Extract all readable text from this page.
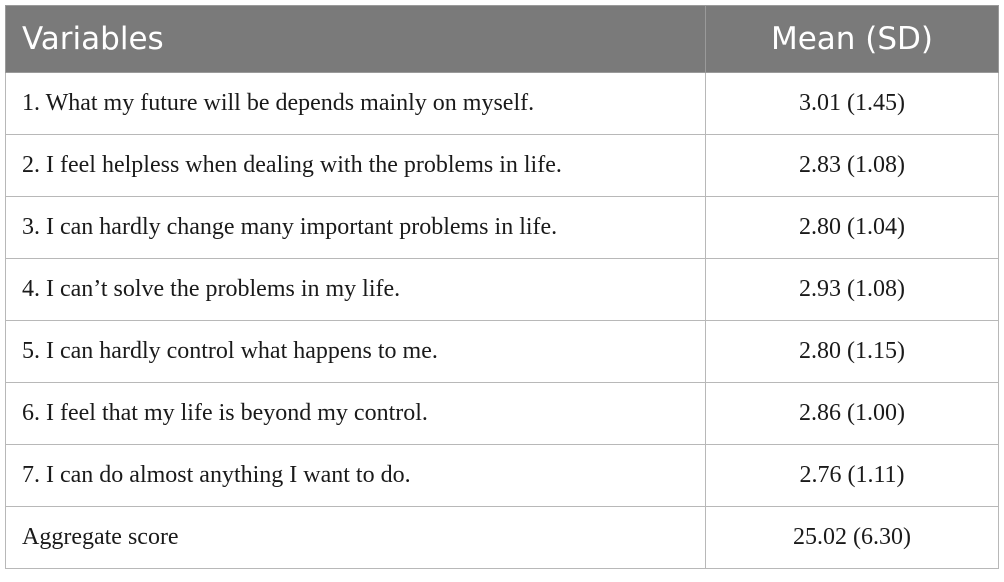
Variables	Mean (SD)
1. What my future will be depends mainly on myself.	3.01 (1.45)
2. I feel helpless when dealing with the problems in life.	2.83 (1.08)
3. I can hardly change many important problems in life.	2.80 (1.04)
4. I can’t solve the problems in my life.	2.93 (1.08)
5. I can hardly control what happens to me.	2.80 (1.15)
6. I feel that my life is beyond my control.	2.86 (1.00)
7. I can do almost anything I want to do.	2.76 (1.11)
Aggregate score	25.02 (6.30)
